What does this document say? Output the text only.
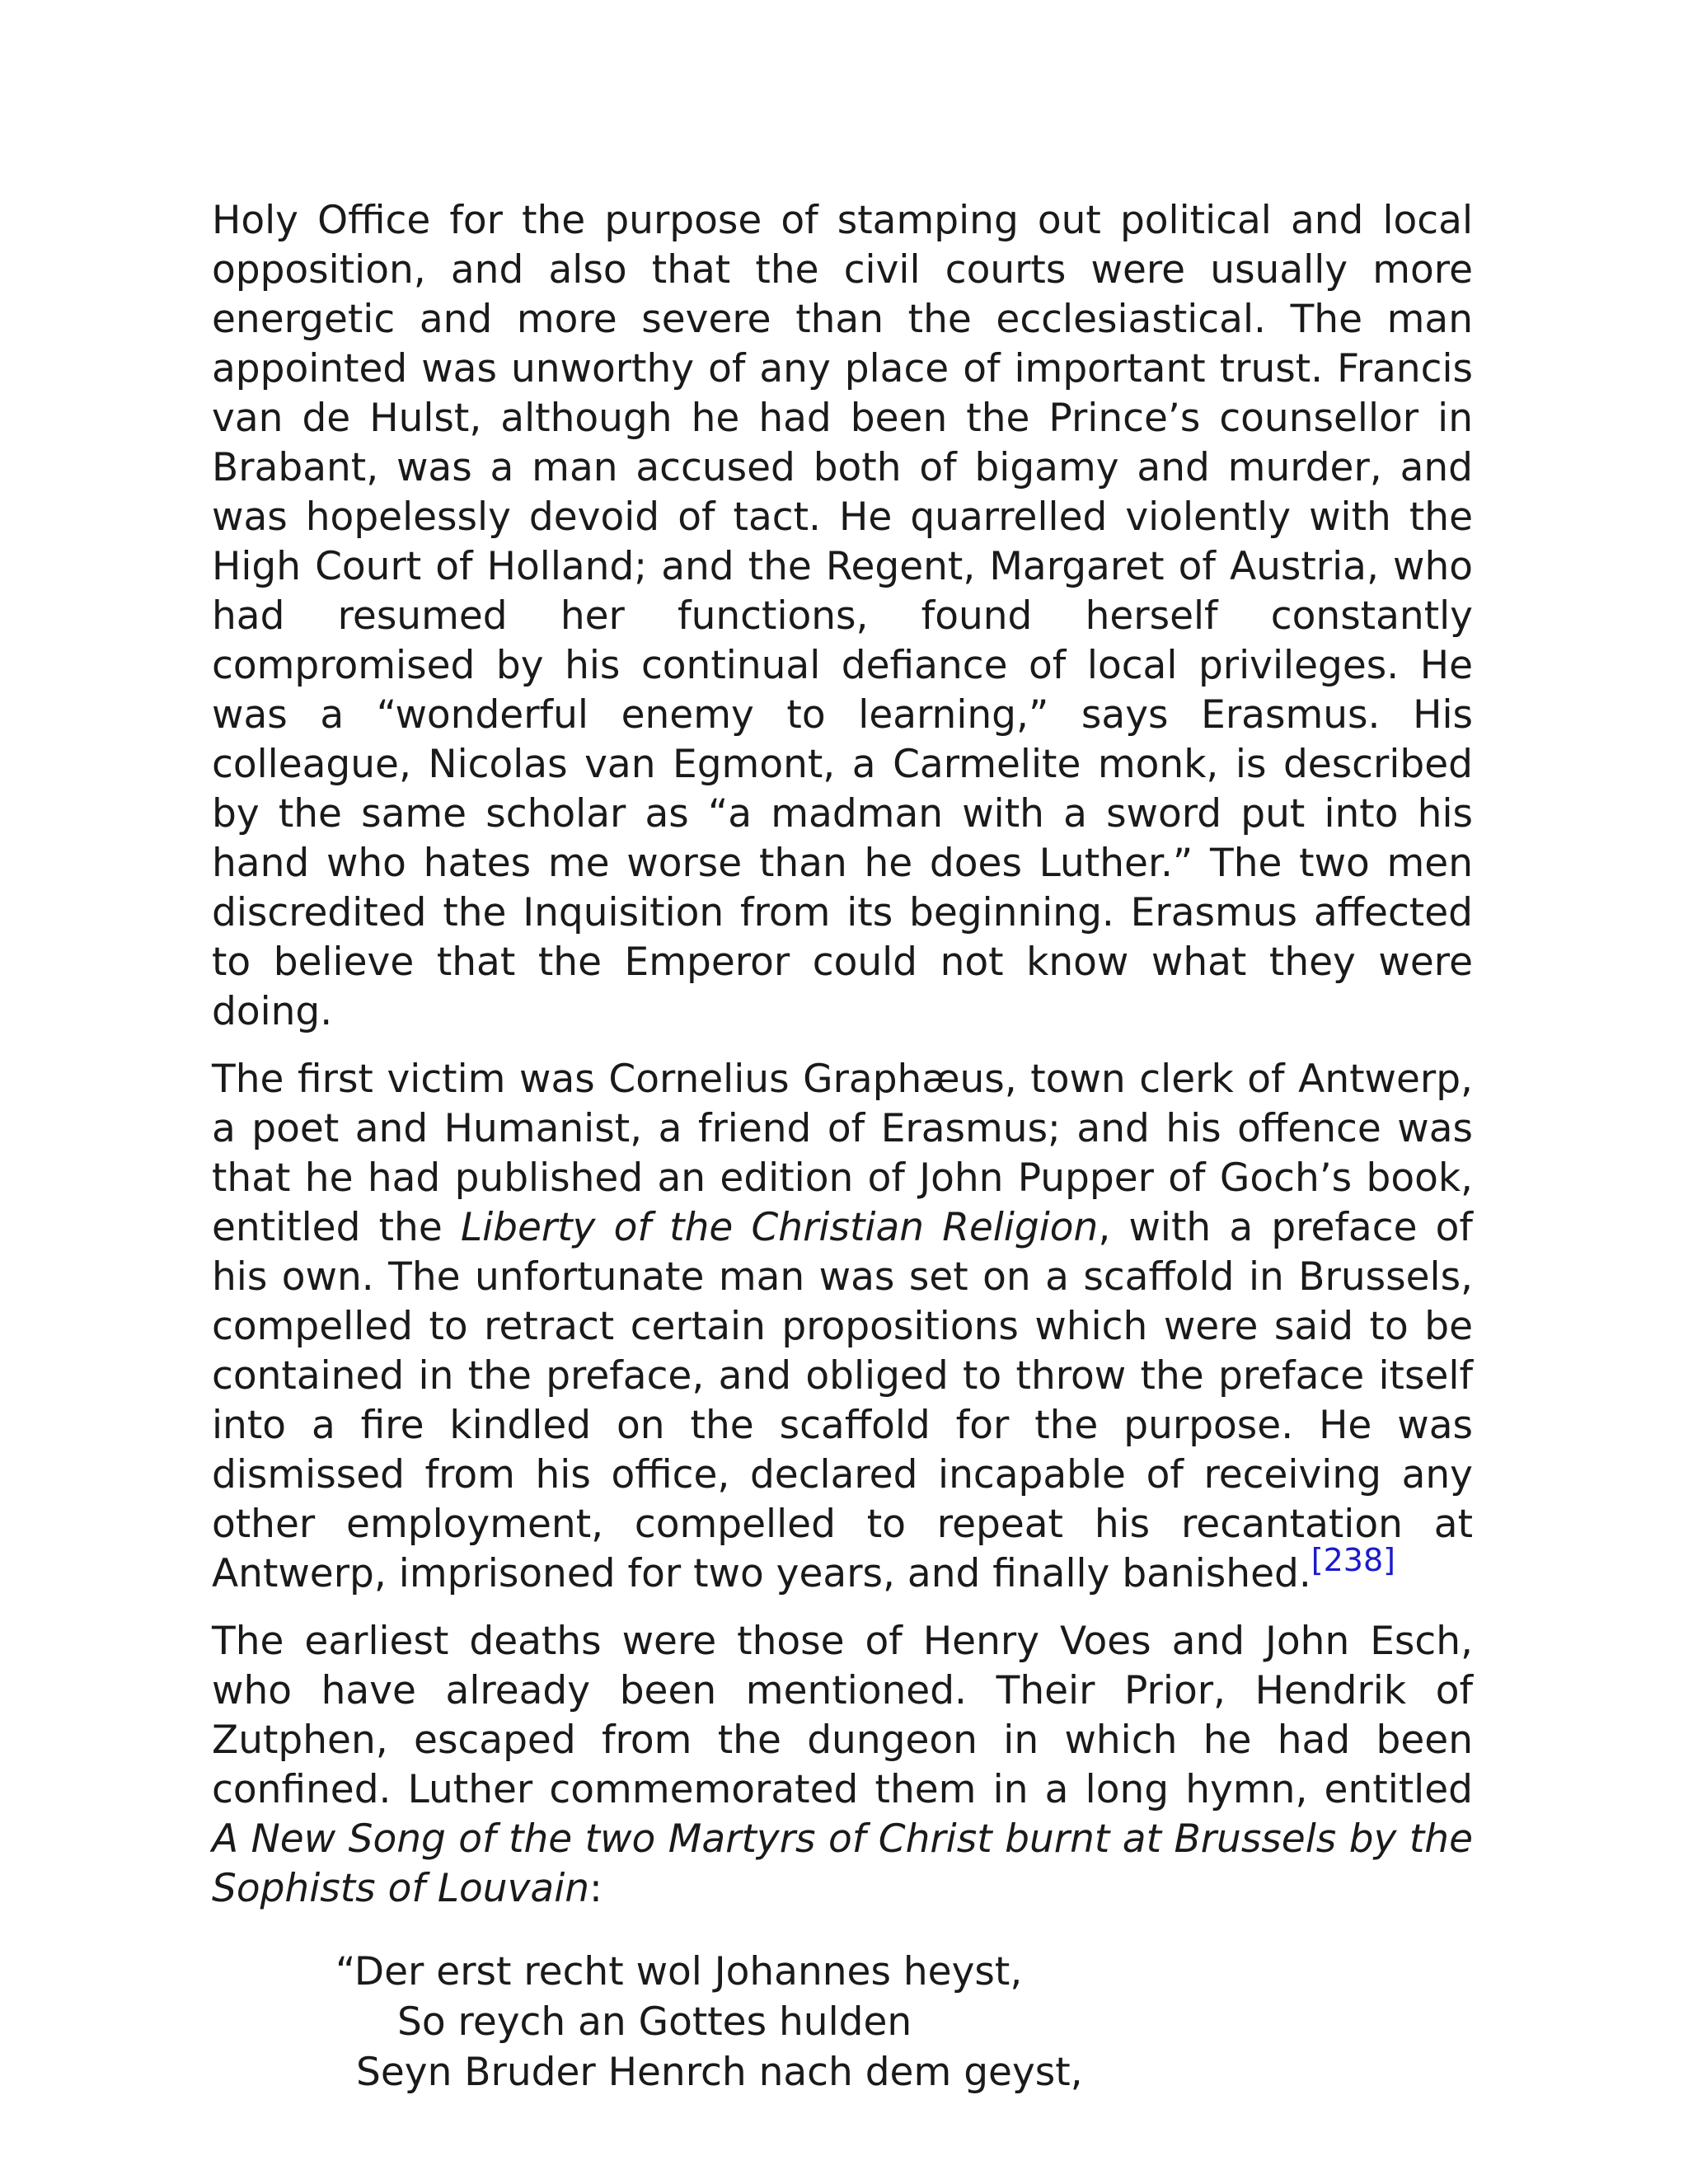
Holy Office for the purpose of stamping out political and local opposition, and also that the civil courts were usually more energetic and more severe than the ecclesiastical. The man appointed was unworthy of any place of important trust. Francis van de Hulst, although he had been the Prince’s counsellor in Brabant, was a man accused both of bigamy and murder, and was hopelessly devoid of tact. He quarrelled violently with the High Court of Holland; and the Regent, Margaret of Austria, who had resumed her functions, found herself constantly compromised by his continual defiance of local privileges. He was a “wonderful enemy to learning,” says Erasmus. His colleague, Nicolas van Egmont, a Carmelite monk, is described by the same scholar as “a madman with a sword put into his hand who hates me worse than he does Luther.” The two men discredited the Inquisition from its beginning. Erasmus affected to believe that the Emperor could not know what they were doing.

The first victim was Cornelius Graphæus, town clerk of Antwerp, a poet and Humanist, a friend of Erasmus; and his offence was that he had published an edition of John Pupper of Goch’s book, entitled the Liberty of the Christian Religion, with a preface of his own. The unfortunate man was set on a scaffold in Brussels, compelled to retract certain propositions which were said to be contained in the preface, and obliged to throw the preface itself into a fire kindled on the scaffold for the purpose. He was dismissed from his office, declared incapable of receiving any other employment, compelled to repeat his recantation at Antwerp, imprisoned for two years, and finally banished.[238]

The earliest deaths were those of Henry Voes and John Esch, who have already been mentioned. Their Prior, Hendrik of Zutphen, escaped from the dungeon in which he had been confined. Luther commemorated them in a long hymn, entitled A New Song of the two Martyrs of Christ burnt at Brussels by the Sophists of Louvain:

“Der erst recht wol Johannes heyst,
So reych an Gottes hulden
Seyn Bruder Henrch nach dem geyst,
